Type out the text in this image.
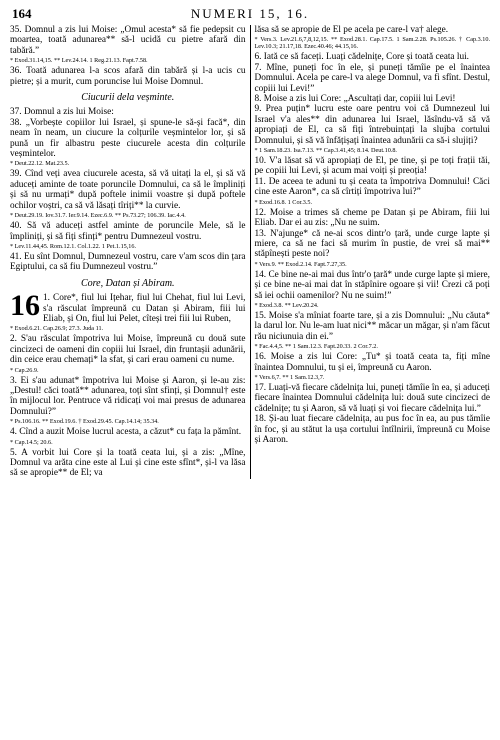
164	NUMERI 15, 16.
35. Domnul a zis lui Moise: „Omul acesta* să fie pedepsit cu moartea, toată adunarea** să-l ucidă cu pietre afară din tabără.”
* Exod.31.14,15. ** Lev.24.14. 1 Reg.21.13. Fapt.7.58.
36. Toată adunarea l-a scos afară din tabără și l-a ucis cu pietre; și a murit, cum poruncise lui Moise Domnul.
Ciucurii dela veșminte.
37. Domnul a zis lui Moise:
38. „Vorbește copiilor lui Israel, și spune-le să-și facă*, din neam în neam, un ciucure la colțurile veșmintelor lor, și să pună un fir albastru peste ciucurele acesta din colțurile veșmintelor.
* Deut.22.12. Mat.23.5.
39. Cînd veți avea ciucurele acesta, să vă uitați la el, și să vă aduceți aminte de toate poruncile Domnului, ca să le împliniți și să nu urmați* după poftele inimii voastre și după poftele ochilor voștri, ca să vă lăsați tîriți** la curvie.
* Deut.29.19. Iov.31.7. Ier.9.14. Ezec.6.9. ** Ps.73.27; 106.39. Iac.4.4.
40. Să vă aduceți astfel aminte de poruncile Mele, să le împliniți, și să fiți sfinți* pentru Dumnezeul vostru.
* Lev.11.44,45. Rom.12.1. Col.1.22. 1 Pet.1.15,16.
41. Eu sînt Domnul, Dumnezeul vostru, care v'am scos din țara Egiptului, ca să fiu Dumnezeul vostru.”
Core, Datan și Abiram.
16 1. Core*, fiul lui Ițehar, fiul lui Chehat, fiul lui Levi, s'a răsculat împreună cu Datan și Abiram, fiii lui Eliab, și On, fiul lui Pelet, cîteși trei fiii lui Ruben,
* Exod.6.21. Cap.26.9; 27.3. Juda 11.
2. S'au răsculat împotriva lui Moise, împreună cu două sute cincizeci de oameni din copiii lui Israel, din fruntașii adunării, din ceice erau chemați* la sfat, și cari erau oameni cu nume.
* Cap.26.9.
3. Ei s'au adunat* împotriva lui Moise și Aaron, și le-au zis: „Destul! căci toată** adunarea, toți sînt sfinți, și Domnul† este în mijlocul lor. Pentruce vă ridicați voi mai presus de adunarea Domnului?”
* Ps.106.16. ** Exod.19.6. † Exod.29.45. Cap.14.14; 35.34.
4. Cînd a auzit Moise lucrul acesta, a căzut* cu fața la pămînt.
* Cap.14.5; 20.6.
5. A vorbit lui Core și la toată ceata lui, și a zis: „Mîne, Domnul va arăta cine este al Lui și cine este sfînt*, și-l va lăsa să se apropie** de El; va
lăsa să se apropie de El pe acela pe care-l va† alege.
* Vers.3. Lev.21.6,7,8,12,15. ** Exod.28.1. Cap.17.5. 1 Sam.2.28. Ps.105.26. † Cap.3.10. Lev.10.3; 21.17,18. Ezec.40.46; 44.15,16.
6. Iată ce să faceți. Luați cădelnițe, Core și toată ceata lui.
7. Mîne, puneți foc în ele, și puneți tămîie pe el înaintea Domnului. Acela pe care-l va alege Domnul, va fi sfînt. Destul, copiii lui Levi!”
8. Moise a zis lui Core: „Ascultați dar, copiii lui Levi!
9. Prea puțin* lucru este oare pentru voi că Dumnezeul lui Israel v'a ales** din adunarea lui Israel, lăsîndu-vă să vă apropiați de El, ca să fiți întrebuințați la slujba cortului Domnului, și să vă înfățișați înaintea adunării ca să-i slujiți?
* 1 Sam.18.23. Isa.7.13. ** Cap.3.41,45; 8.14. Deut.10.8.
10. V'a lăsat să vă apropiați de El, pe tine, și pe toți frații tăi, pe copiii lui Levi, și acum mai voiți și preoția!
11. De aceea te aduni tu și ceata ta împotriva Domnului! Căci cine este Aaron*, ca să cîrtiți împotriva lui?”
* Exod.16.8. 1 Cor.3.5.
12. Moise a trimes să cheme pe Datan și pe Abiram, fiii lui Eliab. Dar ei au zis: „Nu ne suim.
13. N'ajunge* că ne-ai scos dintr'o țară, unde curge lapte și miere, ca să ne faci să murim în pustie, de vrei să mai** stăpînești peste noi?
* Vers.9. ** Exod.2.14. Fapt.7.27,35.
14. Ce bine ne-ai mai dus într'o țară* unde curge lapte și miere, și ce bine ne-ai mai dat în stăpînire ogoare și vii! Crezi că poți să iei ochii oamenilor? Nu ne suim!”
* Exod.3.8. ** Lev.20.24.
15. Moise s'a mîniat foarte tare, și a zis Domnului: „Nu căuta* la darul lor. Nu le-am luat nici** măcar un măgar, și n'am făcut rău niciunuia din ei.”
* Fac.4.4,5. ** 1 Sam.12.3. Fapt.20.33. 2 Cor.7.2.
16. Moise a zis lui Core: „Tu* și toată ceata ta, fiți mîne înaintea Domnului, tu și ei, împreună cu Aaron.
* Vers.6,7. ** 1 Sam.12.3,7.
17. Luați-vă fiecare cădelnița lui, puneți tămîie în ea, și aduceți fiecare înaintea Domnului cădelnița lui: două sute cincizeci de cădelnițe; tu și Aaron, să vă luați și voi fiecare cădelnița lui.”
18. Și-au luat fiecare cădelnița, au pus foc în ea, au pus tămîie în foc, și au stătut la ușa cortului întîlnirii, împreună cu Moise și Aaron.
